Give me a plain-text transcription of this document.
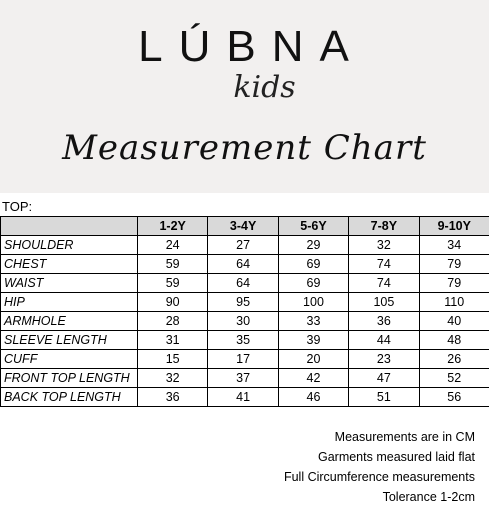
LÚBNA
kids
Measurement Chart
TOP:
	1-2Y	3-4Y	5-6Y	7-8Y	9-10Y
SHOULDER	24	27	29	32	34
CHEST	59	64	69	74	79
WAIST	59	64	69	74	79
HIP	90	95	100	105	110
ARMHOLE	28	30	33	36	40
SLEEVE LENGTH	31	35	39	44	48
CUFF	15	17	20	23	26
FRONT TOP LENGTH	32	37	42	47	52
BACK TOP LENGTH	36	41	46	51	56
Measurements are in CM
Garments measured laid flat
Full Circumference measurements
Tolerance 1-2cm
